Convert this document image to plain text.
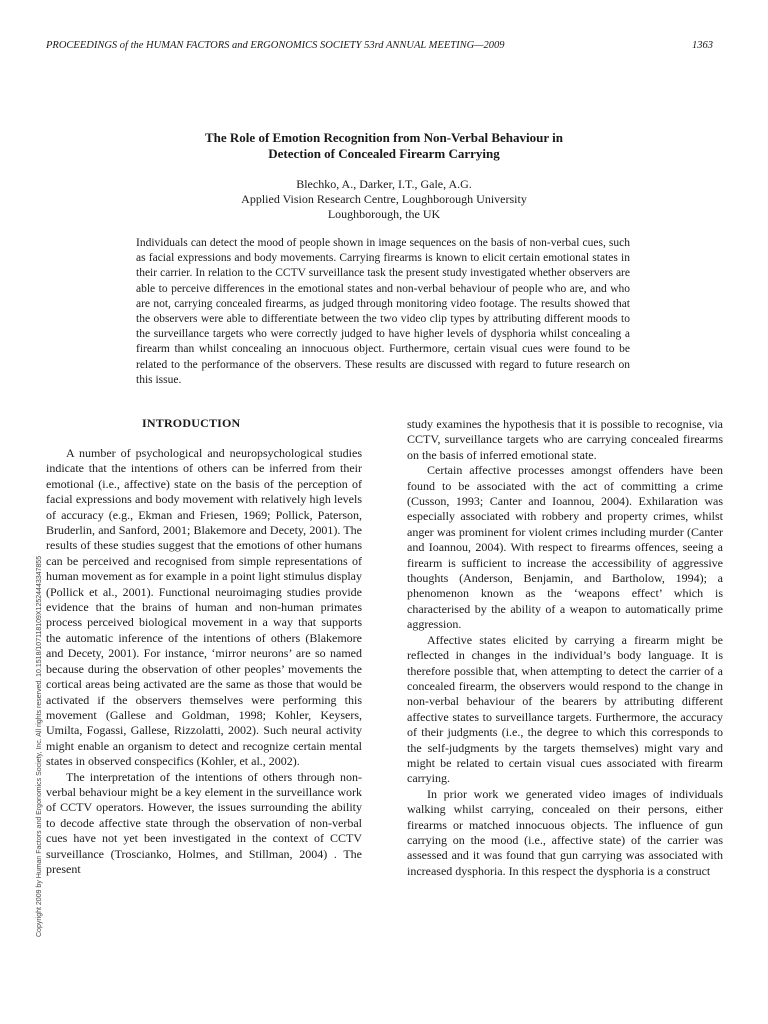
PROCEEDINGS of the HUMAN FACTORS and ERGONOMICS SOCIETY 53rd ANNUAL MEETING—2009	1363
The Role of Emotion Recognition from Non-Verbal Behaviour in
Detection of Concealed Firearm Carrying
Blechko, A., Darker, I.T., Gale, A.G.
Applied Vision Research Centre, Loughborough University
Loughborough, the UK
Individuals can detect the mood of people shown in image sequences on the basis of non-verbal cues, such as facial expressions and body movements. Carrying firearms is known to elicit certain emotional states in their carrier. In relation to the CCTV surveillance task the present study investigated whether observers are able to perceive differences in the emotional states and non-verbal behaviour of people who are, and who are not, carrying concealed firearms, as judged through monitoring video footage. The results showed that the observers were able to differentiate between the two video clip types by attributing different moods to the surveillance targets who were correctly judged to have higher levels of dysphoria whilst concealing a firearm than whilst concealing an innocuous object. Furthermore, certain visual cues were found to be related to the performance of the observers. These results are discussed with regard to future research on this issue.
INTRODUCTION

A number of psychological and neuropsychological studies indicate that the intentions of others can be inferred from their emotional (i.e., affective) state on the basis of the perception of facial expressions and body movement with relatively high levels of accuracy (e.g., Ekman and Friesen, 1969; Pollick, Paterson, Bruderlin, and Sanford, 2001; Blakemore and Decety, 2001). The results of these studies suggest that the emotions of other humans can be perceived and recognised from simple representations of human movement as for example in a point light stimulus display (Pollick et al., 2001). Functional neuroimaging studies provide evidence that the brains of human and non-human primates process perceived biological movement in a way that supports the automatic inference of the intentions of others (Blakemore and Decety, 2001). For instance, ‘mirror neurons’ are so named because during the observation of other peoples’ movements the cortical areas being activated are the same as those that would be activated if the observers themselves were performing this movement (Gallese and Goldman, 1998; Kohler, Keysers, Umilta, Fogassi, Gallese, Rizzolatti, 2002). Such neural activity might enable an organism to detect and recognize certain mental states in observed conspecifics (Kohler, et al., 2002).

The interpretation of the intentions of others through non-verbal behaviour might be a key element in the surveillance work of CCTV operators. However, the issues surrounding the ability to decode affective state through the observation of non-verbal cues have not yet been investigated in the context of CCTV surveillance (Troscianko, Holmes, and Stillman, 2004) . The present

study examines the hypothesis that it is possible to recognise, via CCTV, surveillance targets who are carrying concealed firearms on the basis of inferred emotional state.

Certain affective processes amongst offenders have been found to be associated with the act of committing a crime (Cusson, 1993; Canter and Ioannou, 2004). Exhilaration was especially associated with robbery and property crimes, whilst anger was prominent for violent crimes including murder (Canter and Ioannou, 2004). With respect to firearms offences, seeing a firearm is sufficient to increase the accessibility of aggressive thoughts (Anderson, Benjamin, and Bartholow, 1994); a phenomenon known as the ‘weapons effect’ which is characterised by the ability of a weapon to automatically prime aggression.

Affective states elicited by carrying a firearm might be reflected in changes in the individual’s body language. It is therefore possible that, when attempting to detect the carrier of a concealed firearm, the observers would respond to the change in non-verbal behaviour of the bearers by attributing different affective states to surveillance targets. Furthermore, the accuracy of their judgments (i.e., the degree to which this corresponds to the self-judgments by the targets themselves) might vary and might be related to certain visual cues associated with firearm carrying.

In prior work we generated video images of individuals walking whilst carrying, concealed on their persons, either firearms or matched innocuous objects. The influence of gun carrying on the mood (i.e., affective state) of the carrier was assessed and it was found that gun carrying was associated with increased dysphoria. In this respect the dysphoria is a construct

Copyright 2009 by Human Factors and Ergonomics Society, Inc. All rights reserved. 10.1518/107118109X12524443347855
